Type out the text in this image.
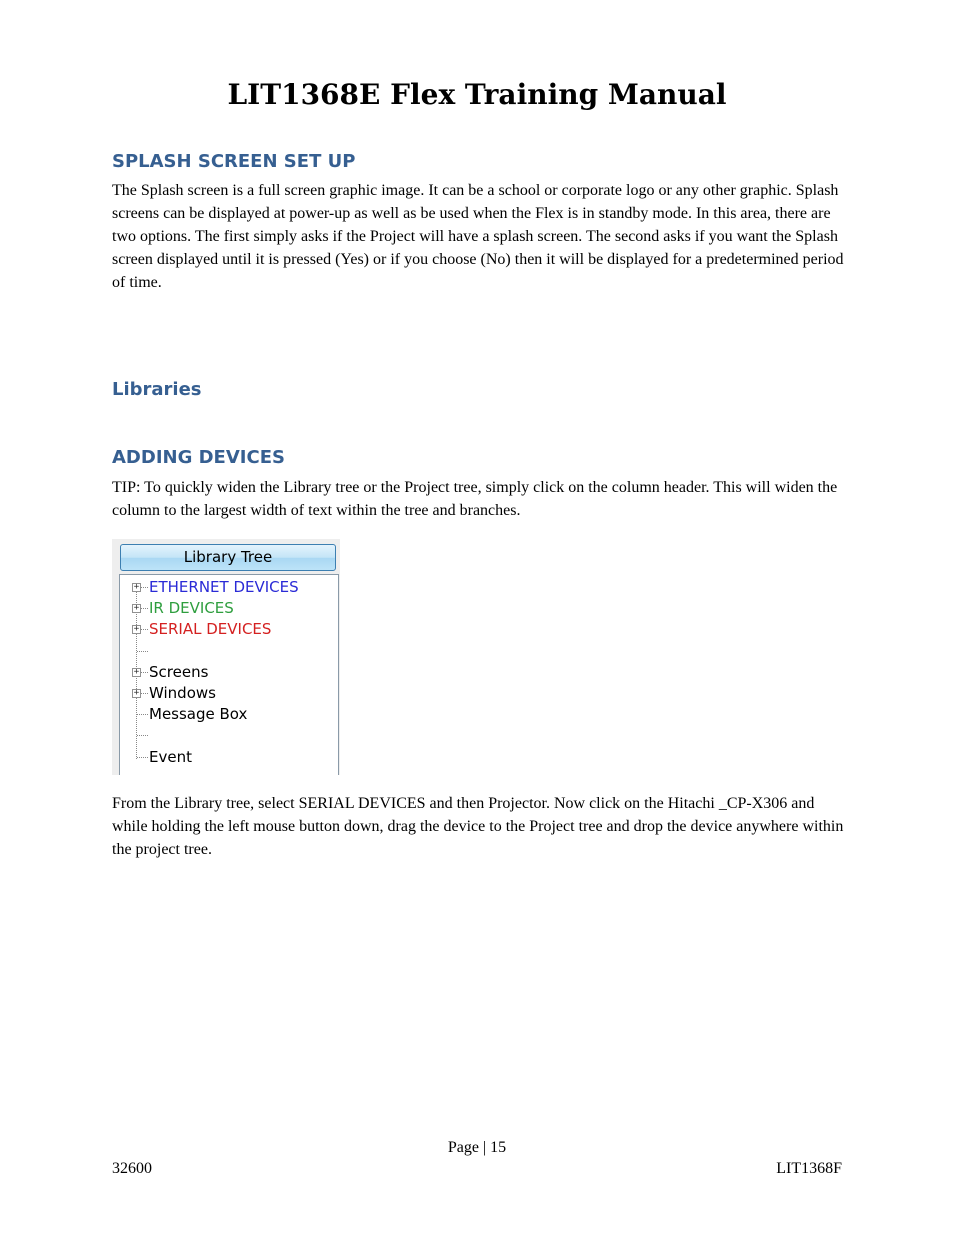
LIT1368E Flex Training Manual
SPLASH SCREEN SET UP

The Splash screen is a full screen graphic image. It can be a school or corporate logo or any other graphic. Splash screens can be displayed at power-up as well as be used when the Flex is in standby mode. In this area, there are two options. The first simply asks if the Project will have a splash screen. The second asks if you want the Splash screen displayed until it is pressed (Yes) or if you choose (No) then it will be displayed for a predetermined period of time.

Libraries
ADDING DEVICES

TIP: To quickly widen the Library tree or the Project tree, simply click on the column header. This will widen the column to the largest width of text within the tree and branches.

Library Tree
+ ETHERNET DEVICES
+ IR DEVICES
+ SERIAL DEVICES
+ Screens
+ Windows
Message Box
Event

From the Library tree, select SERIAL DEVICES and then Projector. Now click on the Hitachi _CP-X306 and while holding the left mouse button down, drag the device to the Project tree and drop the device anywhere within the project tree.

Page | 15

32600	LIT1368F
